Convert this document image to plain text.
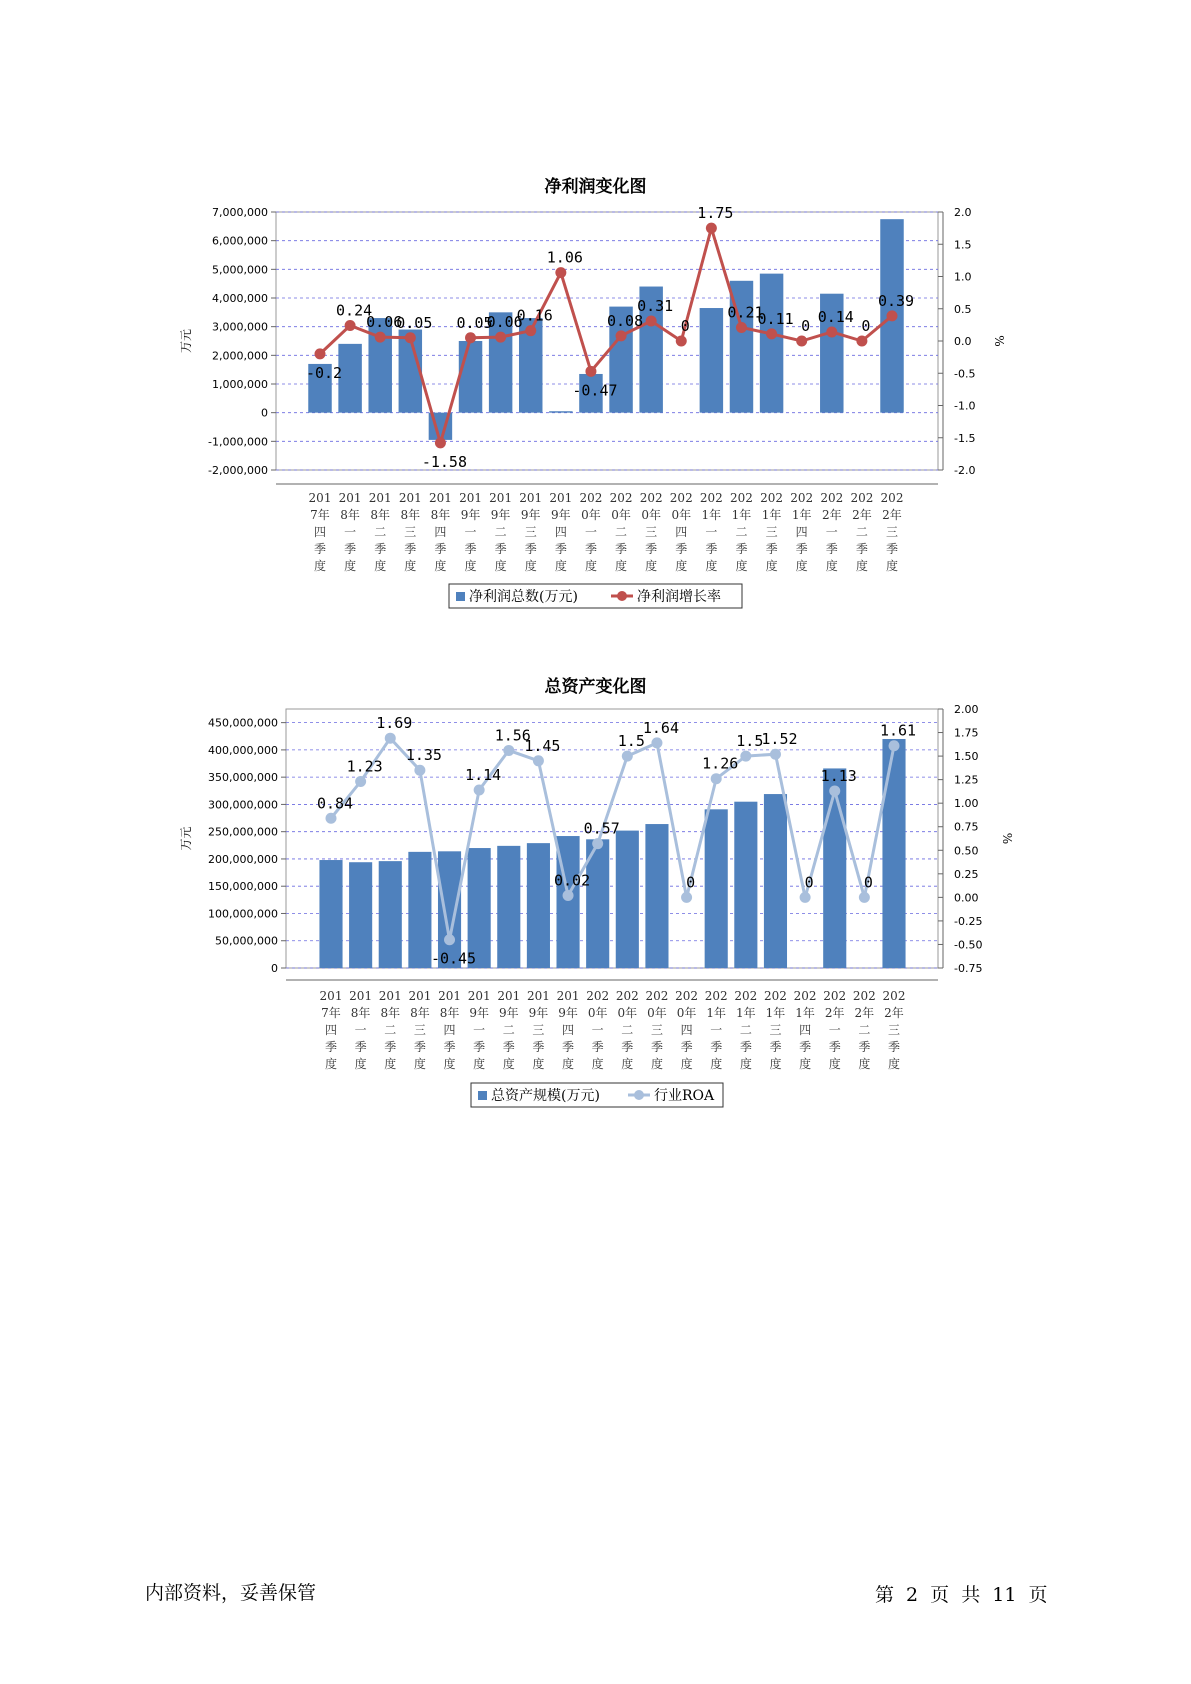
净利润变化图
7,000,000
6,000,000
5,000,000
4,000,000
3,000,000
2,000,000
1,000,000
0
-1,000,000
-2,000,000
2.0
1.5
1.0
0.5
0.0
-0.5
-1.0
-1.5
-2.0
万元	%
-0.2
0.24
0.06
0.05
-1.58
0.05
0.06
0.16
1.06
-0.47
0.08
0.31
0
1.75
0.21
0.11 0
0.14
0
0.39
201 7年四季度
201 8年一季度
201 8年二季度
201 8年三季度
201 8年四季度
201 9年一季度
201 9年二季度
201 9年三季度
201 9年四季度
202 0年一季度
202 0年二季度
202 0年三季度
202 0年四季度
202 1年一季度
202 1年二季度
202 1年三季度
202 1年四季度
202 2年一季度
202 2年二季度
202 2年三季度
净利润总数(万元)	净利润增长率
总资产变化图
450,000,000
400,000,000
350,000,000
300,000,000
250,000,000
200,000,000
150,000,000
100,000,000
50,000,000
0
2.00
1.75
1.50
1.25
1.00
0.75
0.50
0.25
0.00
-0.25
-0.50
-0.75
万元	%
0.84
1.23
1.69
1.35
-0.45
1.14
1.56
1.45
0.02
0.57
1.5
1.64
0
1.26
1.5
1.52
0
1.13
0
1.61
201 7年四季度
201 8年一季度
201 8年二季度
201 8年三季度
201 8年四季度
201 9年一季度
201 9年二季度
201 9年三季度
201 9年四季度
202 0年一季度
202 0年二季度
202 0年三季度
202 0年四季度
202 1年一季度
202 1年二季度
202 1年三季度
202 1年四季度
202 2年一季度
202 2年二季度
202 2年三季度
总资产规模(万元)	行业ROA
内部资料，妥善保管	第 2 页 共 11 页
